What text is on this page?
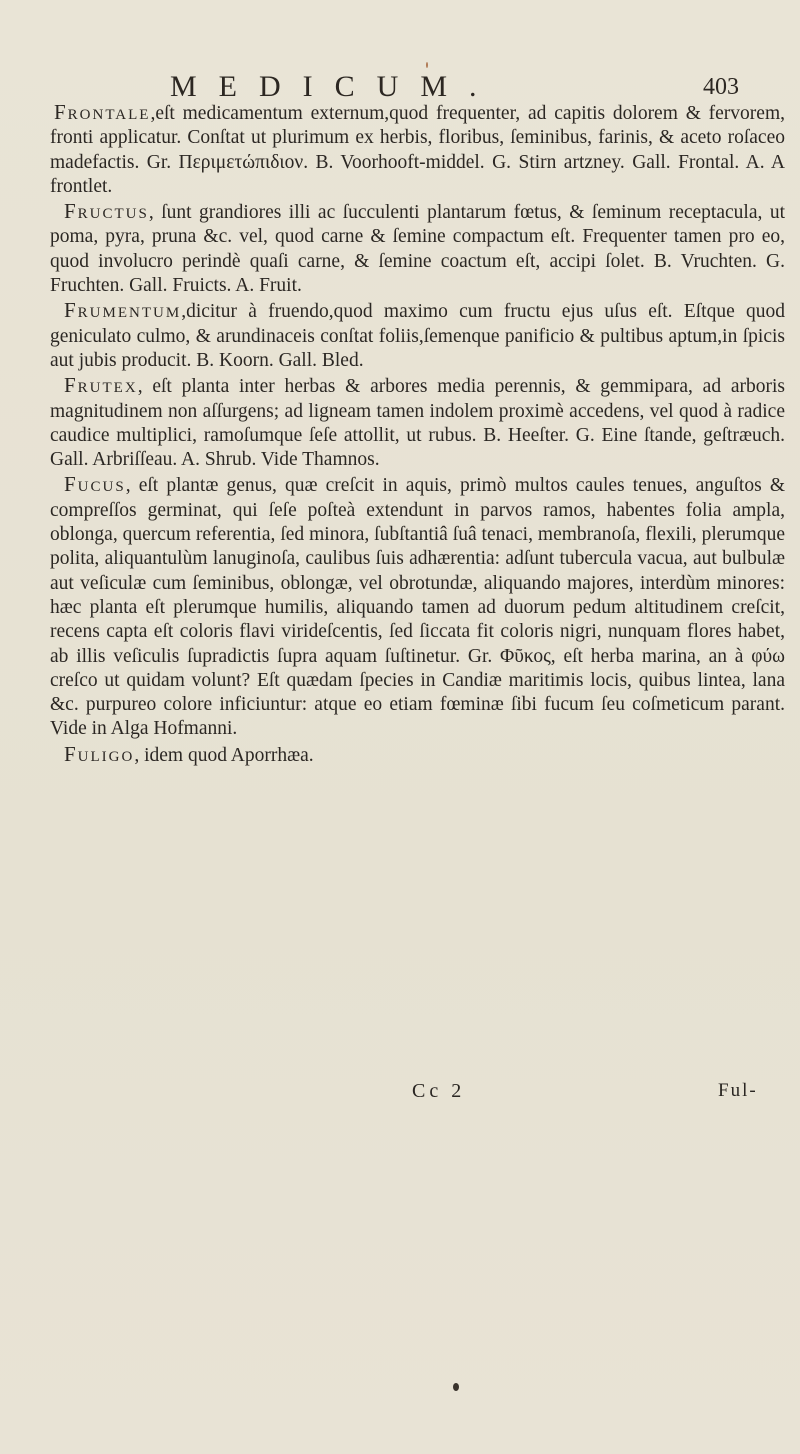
MEDICUM.	403

Frontale,eſt medicamentum externum,quod frequenter, ad capitis dolorem & fervorem, fronti applicatur. Conſtat ut plurimum ex herbis, floribus, ſeminibus, farinis, & aceto roſaceo madefactis. Gr. Περιμετώπιδιον. B. Voorhooft-middel. G. Stirn artzney. Gall. Frontal. A. A frontlet.

Fructus, ſunt grandiores illi ac ſucculenti plantarum fœtus, & ſeminum receptacula, ut poma, pyra, pruna &c. vel, quod carne & ſemine compactum eſt. Frequenter tamen pro eo, quod involucro perindè quaſi carne, & ſemine coactum eſt, accipi ſolet. B. Vruchten. G. Fruchten. Gall. Fruicts. A. Fruit.

Frumentum,dicitur à fruendo,quod maximo cum fructu ejus uſus eſt. Eſtque quod geniculato culmo, & arundinaceis conſtat foliis,ſemenque panificio & pultibus aptum,in ſpicis aut jubis producit. B. Koorn. Gall. Bled.

Frutex, eſt planta inter herbas & arbores media perennis, & gemmipara, ad arboris magnitudinem non aſſurgens; ad ligneam tamen indolem proximè accedens, vel quod à radice caudice multiplici, ramoſumque ſeſe attollit, ut rubus. B. Heeſter. G. Eine ſtande, geſtræuch. Gall. Arbriſſeau. A. Shrub. Vide Thamnos.

Fucus, eſt plantæ genus, quæ creſcit in aquis, primò multos caules tenues, anguſtos & compreſſos germinat, qui ſeſe poſteà extendunt in parvos ramos, habentes folia ampla, oblonga, quercum referentia, ſed minora, ſubſtantiâ ſuâ tenaci, membranoſa, flexili, plerumque polita, aliquantulùm lanuginoſa, caulibus ſuis adhærentia: adſunt tubercula vacua, aut bulbulæ aut veſiculæ cum ſeminibus, oblongæ, vel obrotundæ, aliquando majores, interdùm minores: hæc planta eſt plerumque humilis, aliquando tamen ad duorum pedum altitudinem creſcit, recens capta eſt coloris flavi virideſcentis, ſed ſiccata fit coloris nigri, nunquam flores habet, ab illis veſiculis ſupradictis ſupra aquam ſuſtinetur. Gr. Φῦκος, eſt herba marina, an à φύω creſco ut quidam volunt? Eſt quædam ſpecies in Candiæ maritimis locis, quibus lintea, lana &c. purpureo colore inficiuntur: atque eo etiam fœminæ ſibi fucum ſeu coſmeticum parant. Vide in Alga Hofmanni.

Fuligo, idem quod Aporrhæa.

Cc 2	Ful-
